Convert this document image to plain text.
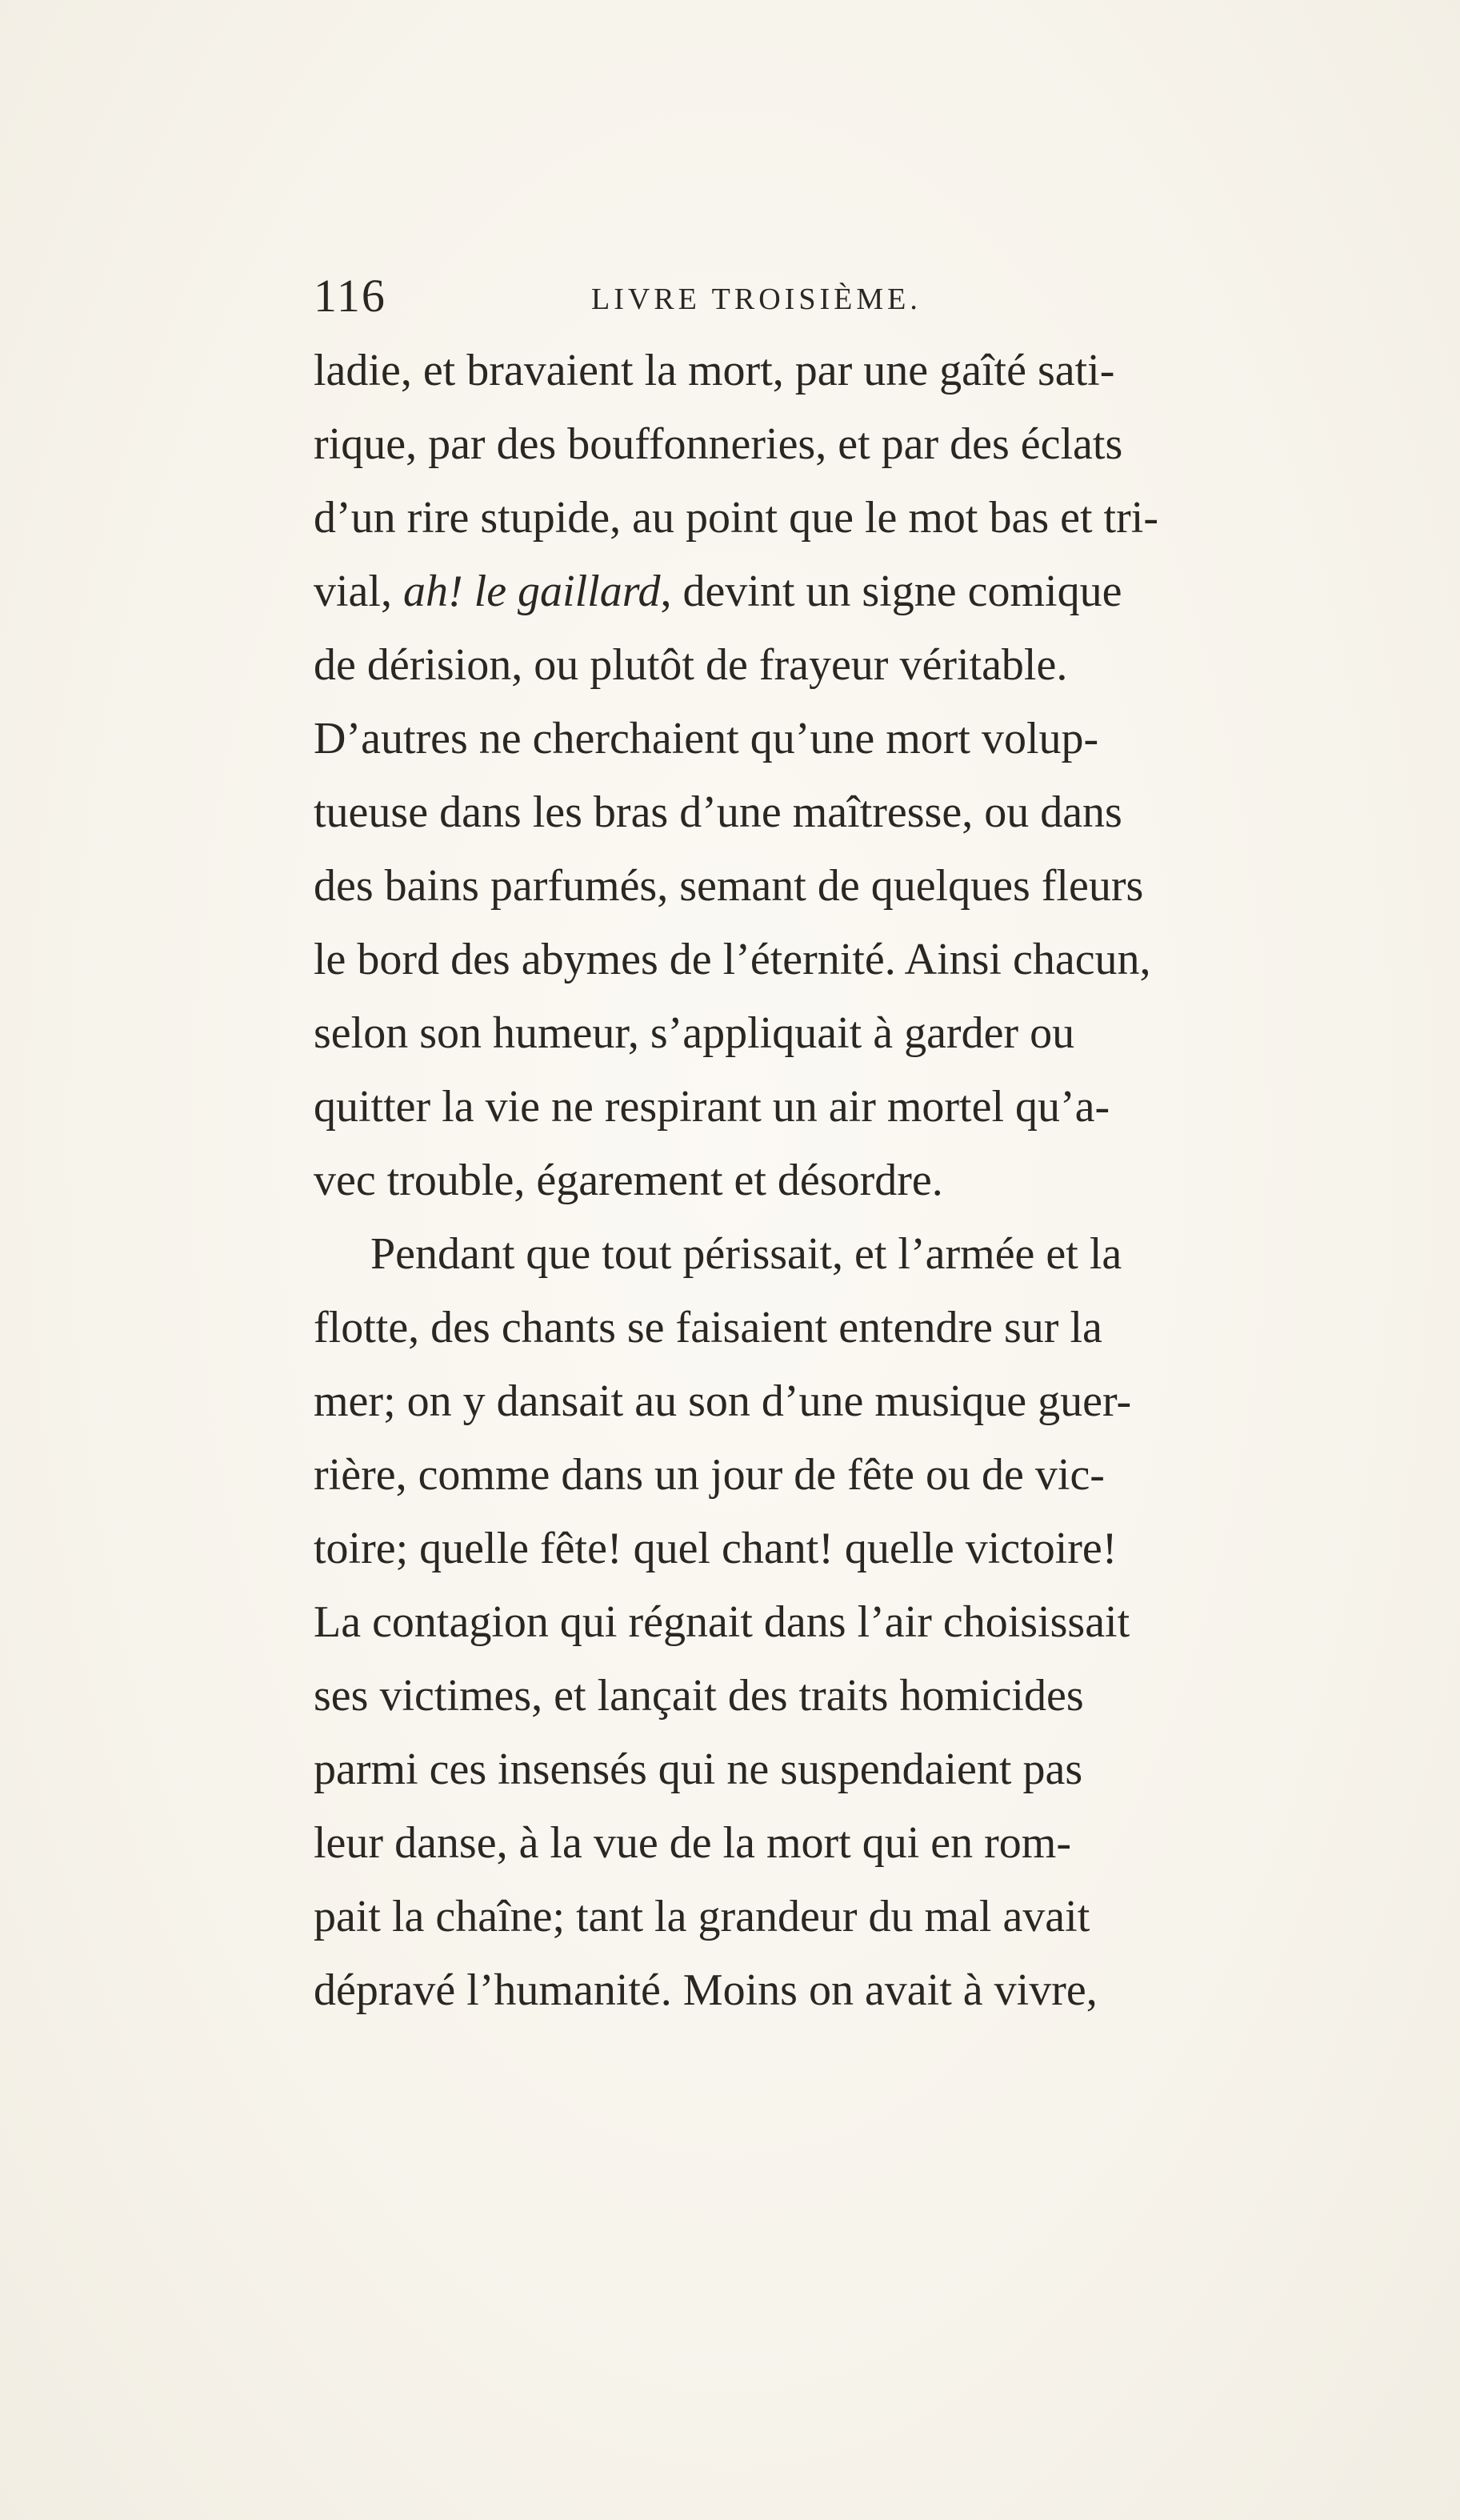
116	LIVRE TROISIÈME.
ladie, et bravaient la mort, par une gaîté sati-
rique, par des bouffonneries, et par des éclats
d’un rire stupide, au point que le mot bas et tri-
vial, ah! le gaillard, devint un signe comique
de dérision, ou plutôt de frayeur véritable.
D’autres ne cherchaient qu’une mort volup-
tueuse dans les bras d’une maîtresse, ou dans
des bains parfumés, semant de quelques fleurs
le bord des abymes de l’éternité. Ainsi chacun,
selon son humeur, s’appliquait à garder ou
quitter la vie ne respirant un air mortel qu’a-
vec trouble, égarement et désordre.
Pendant que tout périssait, et l’armée et la
flotte, des chants se faisaient entendre sur la
mer; on y dansait au son d’une musique guer-
rière, comme dans un jour de fête ou de vic-
toire; quelle fête! quel chant! quelle victoire!
La contagion qui régnait dans l’air choisissait
ses victimes, et lançait des traits homicides
parmi ces insensés qui ne suspendaient pas
leur danse, à la vue de la mort qui en rom-
pait la chaîne; tant la grandeur du mal avait
dépravé l’humanité. Moins on avait à vivre,
